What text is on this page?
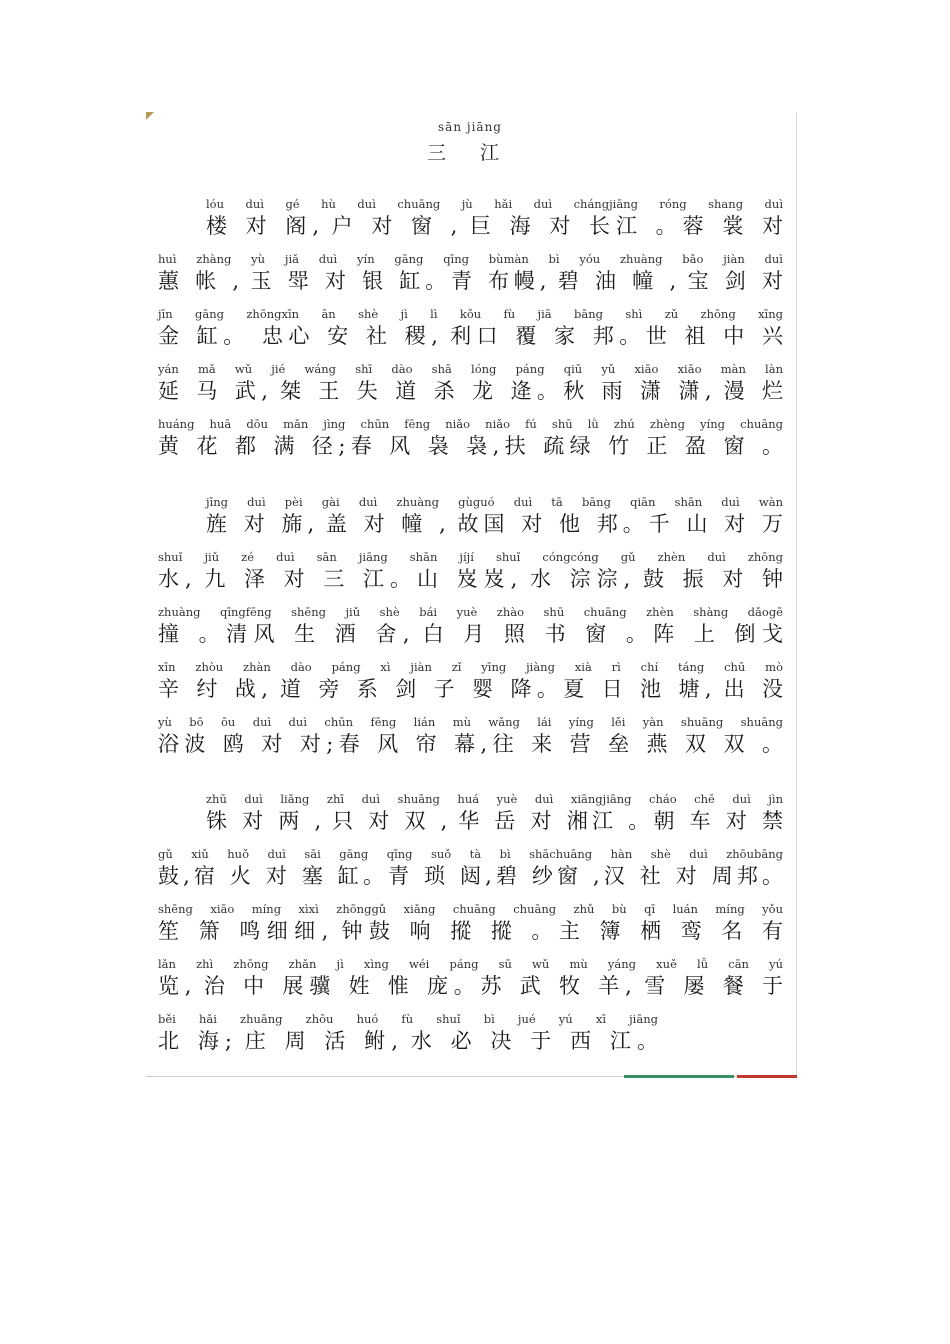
sān jiāng
三 江
lóu duì gé hù duì chuāng jù hǎi duì chángjiāng róng shang duì
楼 对 阁, 户 对 窗 , 巨 海 对 长江 。蓉 裳 对
huì zhàng yù jiǎ duì yín gāng qīng bùmàn bì yóu zhuàng bǎo jiàn duì
蕙 帐 , 玉 斝 对 银 缸。青 布幔, 碧 油 幢 , 宝 剑 对
jīn gāng zhōngxīn ān shè jì lì kǒu fù jiā bāng shì zǔ zhōng xīng
金 缸。 忠心 安 社 稷, 利口 覆 家 邦。世 祖 中 兴
yán mǎ wǔ jié wáng shī dào shā lóng páng qiū yǔ xiāo xiāo màn làn
延 马 武, 桀 王 失 道 杀 龙 逄。秋 雨 潇 潇, 漫 烂
huáng huā dōu mǎn jìng chūn fēng niǎo niǎo fú shū lǜ zhú zhèng yíng chuāng
黄 花 都 满 径;春 风 袅 袅,扶 疏绿 竹 正 盈 窗 。
jīng duì pèi gài duì zhuàng gùguó duì tā bāng qiān shān duì wàn
旌 对 旆, 盖 对 幢 , 故国 对 他 邦。千 山 对 万
shuǐ jiǔ zé duì sān jiāng shān jíjí shuǐ cóngcóng gǔ zhèn duì zhōng
水, 九 泽 对 三 江。山 岌岌, 水 淙淙, 鼓 振 对 钟
zhuàng qīngfēng shēng jiǔ shè bái yuè zhào shū chuāng zhèn shàng dǎogē
撞 。清风 生 酒 舍, 白 月 照 书 窗 。阵 上 倒戈
xīn zhòu zhàn dào páng xì jiàn zǐ yīng jiàng xià rì chí táng chū mò
辛 纣 战, 道 旁 系 剑 子 婴 降。夏 日 池 塘, 出 没
yù bō ōu duì duì chūn fēng lián mù wǎng lái yíng lěi yàn shuāng shuāng
浴波 鸥 对 对;春 风 帘 幕,往 来 营 垒 燕 双 双 。
zhū duì liǎng zhī duì shuāng huá yuè duì xiāngjiāng cháo chē duì jìn
铢 对 两 , 只 对 双 , 华 岳 对 湘江 。朝 车 对 禁
gǔ xiǔ huǒ duì sāi gāng qīng suǒ tà bì shāchuāng hàn shè duì zhōubāng
鼓,宿 火 对 塞 缸。青 琐 闼,碧 纱窗 ,汉 社 对 周邦。
shēng xiāo míng xìxì zhōnggǔ xiǎng chuāng chuāng zhǔ bù qī luán míng yǒu
笙 箫 鸣细细, 钟鼓 响 摐 摐 。主 簿 栖 鸾 名 有
lǎn zhì zhōng zhǎn jì xìng wéi páng sū wǔ mù yáng xuě lǚ cān yú
览, 治 中 展骥 姓 惟 庞。苏 武 牧 羊, 雪 屡 餐 于
běi hǎi zhuāng zhōu huó fù shuǐ bì jué yú xī jiāng
北 海; 庄 周 活 鲋, 水 必 决 于 西 江。
